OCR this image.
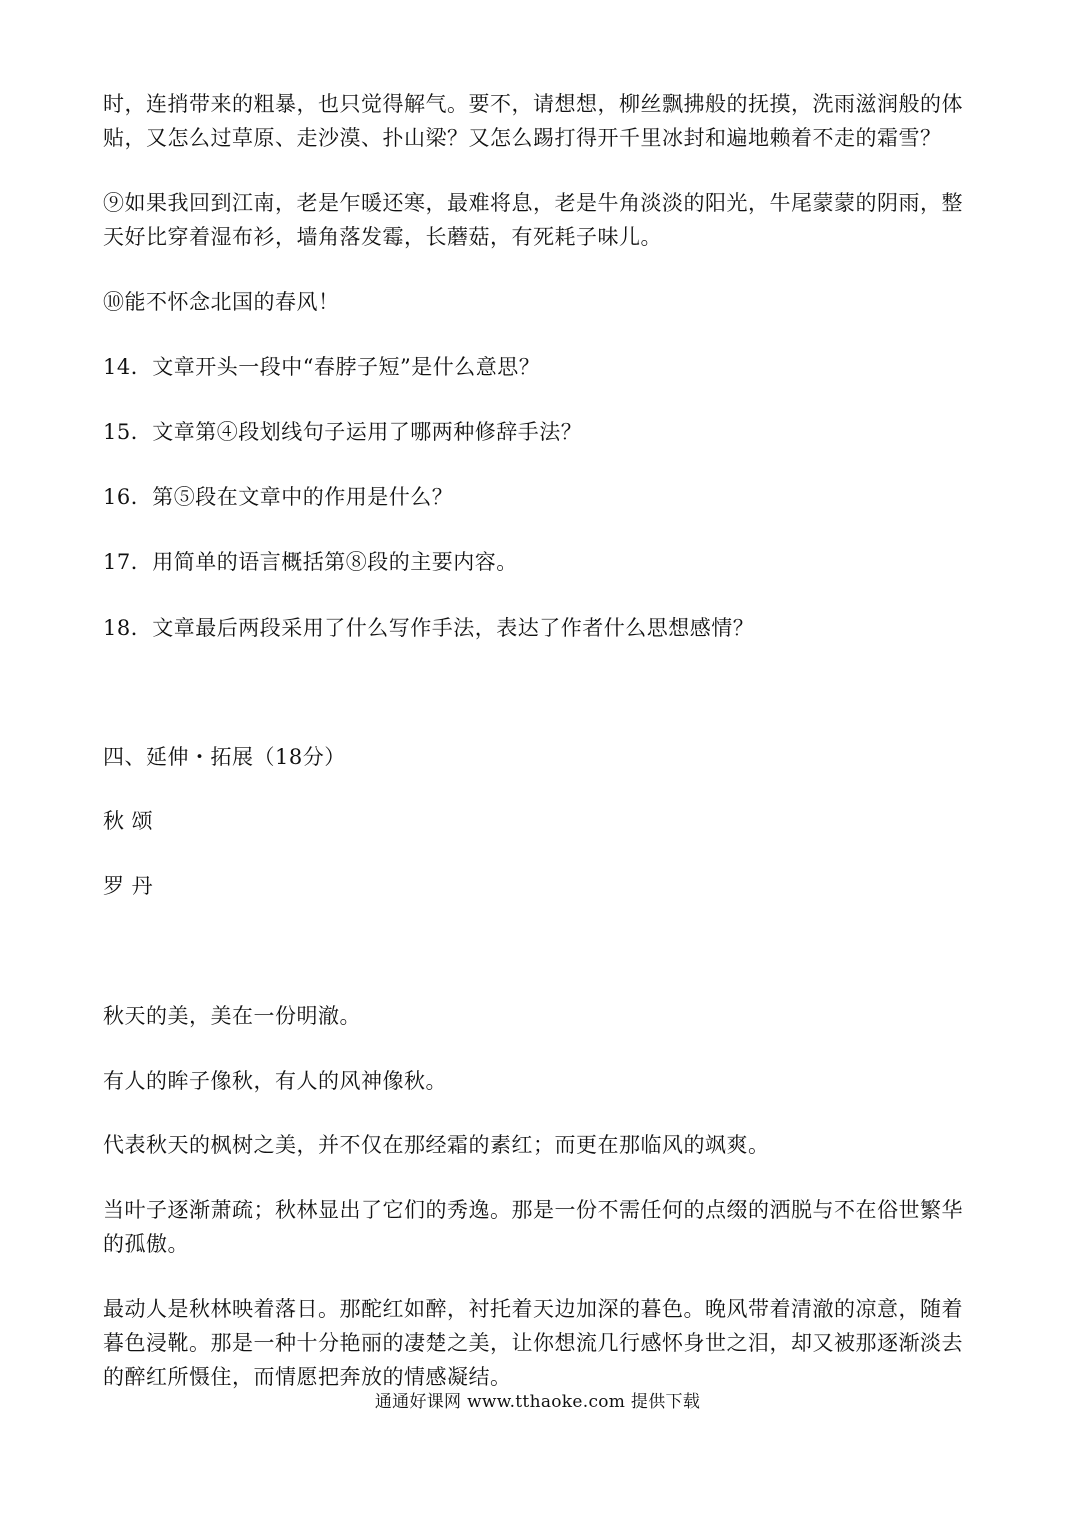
时，连捎带来的粗暴，也只觉得解气。要不，请想想，柳丝飘拂般的抚摸，洗雨滋润般的体贴，又怎么过草原、走沙漠、扑山梁？又怎么踢打得开千里冰封和遍地赖着不走的霜雪？

⑨如果我回到江南，老是乍暖还寒，最难将息，老是牛角淡淡的阳光，牛尾蒙蒙的阴雨，整天好比穿着湿布衫，墙角落发霉，长蘑菇，有死耗子味儿。

⑩能不怀念北国的春风！

14．文章开头一段中“春脖子短”是什么意思？

15．文章第④段划线句子运用了哪两种修辞手法？

16．第⑤段在文章中的作用是什么？

17．用简单的语言概括第⑧段的主要内容。

18．文章最后两段采用了什么写作手法，表达了作者什么思想感情？

四、延伸・拓展（18分）

秋 颂

罗 丹

秋天的美，美在一份明澈。

有人的眸子像秋，有人的风神像秋。

代表秋天的枫树之美，并不仅在那经霜的素红；而更在那临风的飒爽。

当叶子逐渐萧疏；秋林显出了它们的秀逸。那是一份不需任何的点缀的洒脱与不在俗世繁华的孤傲。

最动人是秋林映着落日。那酡红如醉，衬托着天边加深的暮色。晚风带着清澈的凉意，随着暮色浸靴。那是一种十分艳丽的凄楚之美，让你想流几行感怀身世之泪，却又被那逐渐淡去的醉红所慑住，而情愿把奔放的情感凝结。

通通好课网 www.tthaoke.com 提供下载
